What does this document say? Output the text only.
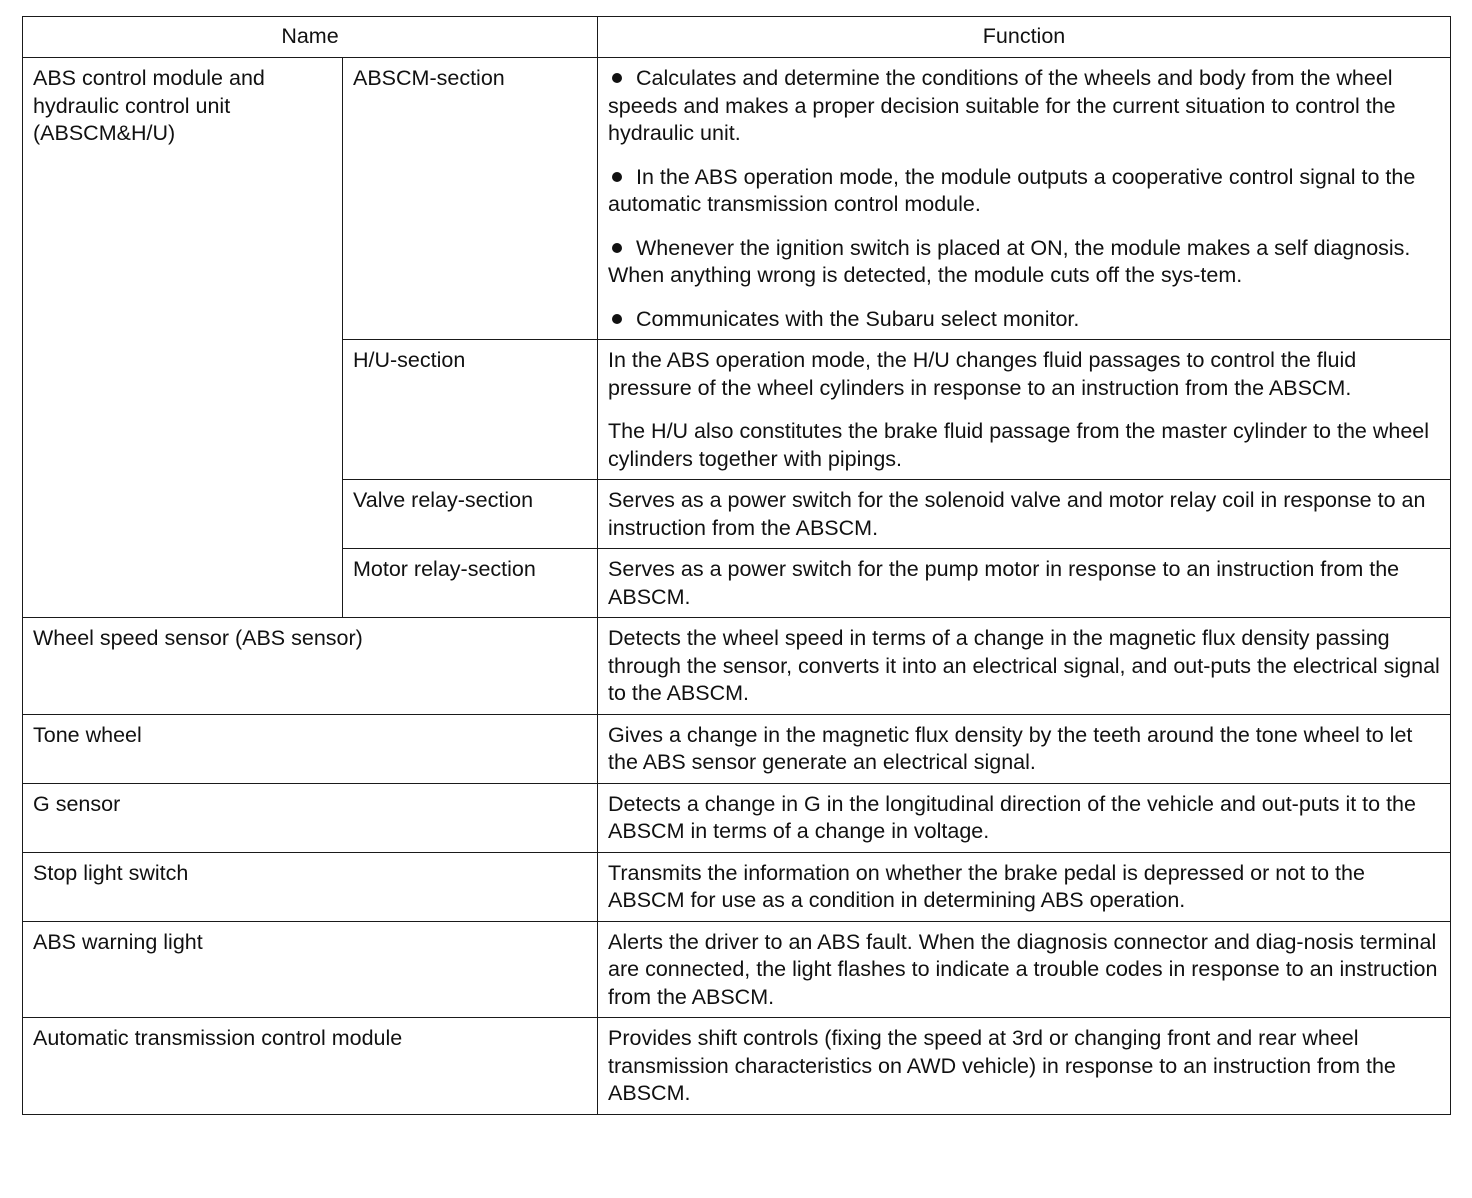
Name		Function

ABS control module and hydraulic control unit (ABSCM&H/U)	ABSCM-section	Calculates and determine the conditions of the wheels and body from the wheel speeds and makes a proper decision suitable for the current situation to control the hydraulic unit.

In the ABS operation mode, the module outputs a cooperative control signal to the automatic transmission control module.

Whenever the ignition switch is placed at ON, the module makes a self diagnosis. When anything wrong is detected, the module cuts off the sys-tem.

Communicates with the Subaru select monitor.

	H/U-section	In the ABS operation mode, the H/U changes fluid passages to control the fluid pressure of the wheel cylinders in response to an instruction from the ABSCM.

The H/U also constitutes the brake fluid passage from the master cylinder to the wheel cylinders together with pipings.

	Valve relay-section	Serves as a power switch for the solenoid valve and motor relay coil in response to an instruction from the ABSCM.

	Motor relay-section	Serves as a power switch for the pump motor in response to an instruction from the ABSCM.

Wheel speed sensor (ABS sensor)		Detects the wheel speed in terms of a change in the magnetic flux density passing through the sensor, converts it into an electrical signal, and out-puts the electrical signal to the ABSCM.

Tone wheel		Gives a change in the magnetic flux density by the teeth around the tone wheel to let the ABS sensor generate an electrical signal.

G sensor		Detects a change in G in the longitudinal direction of the vehicle and out-puts it to the ABSCM in terms of a change in voltage.

Stop light switch		Transmits the information on whether the brake pedal is depressed or not to the ABSCM for use as a condition in determining ABS operation.

ABS warning light		Alerts the driver to an ABS fault. When the diagnosis connector and diag-nosis terminal are connected, the light flashes to indicate a trouble codes in response to an instruction from the ABSCM.

Automatic transmission control module		Provides shift controls (fixing the speed at 3rd or changing front and rear wheel transmission characteristics on AWD vehicle) in response to an instruction from the ABSCM.
